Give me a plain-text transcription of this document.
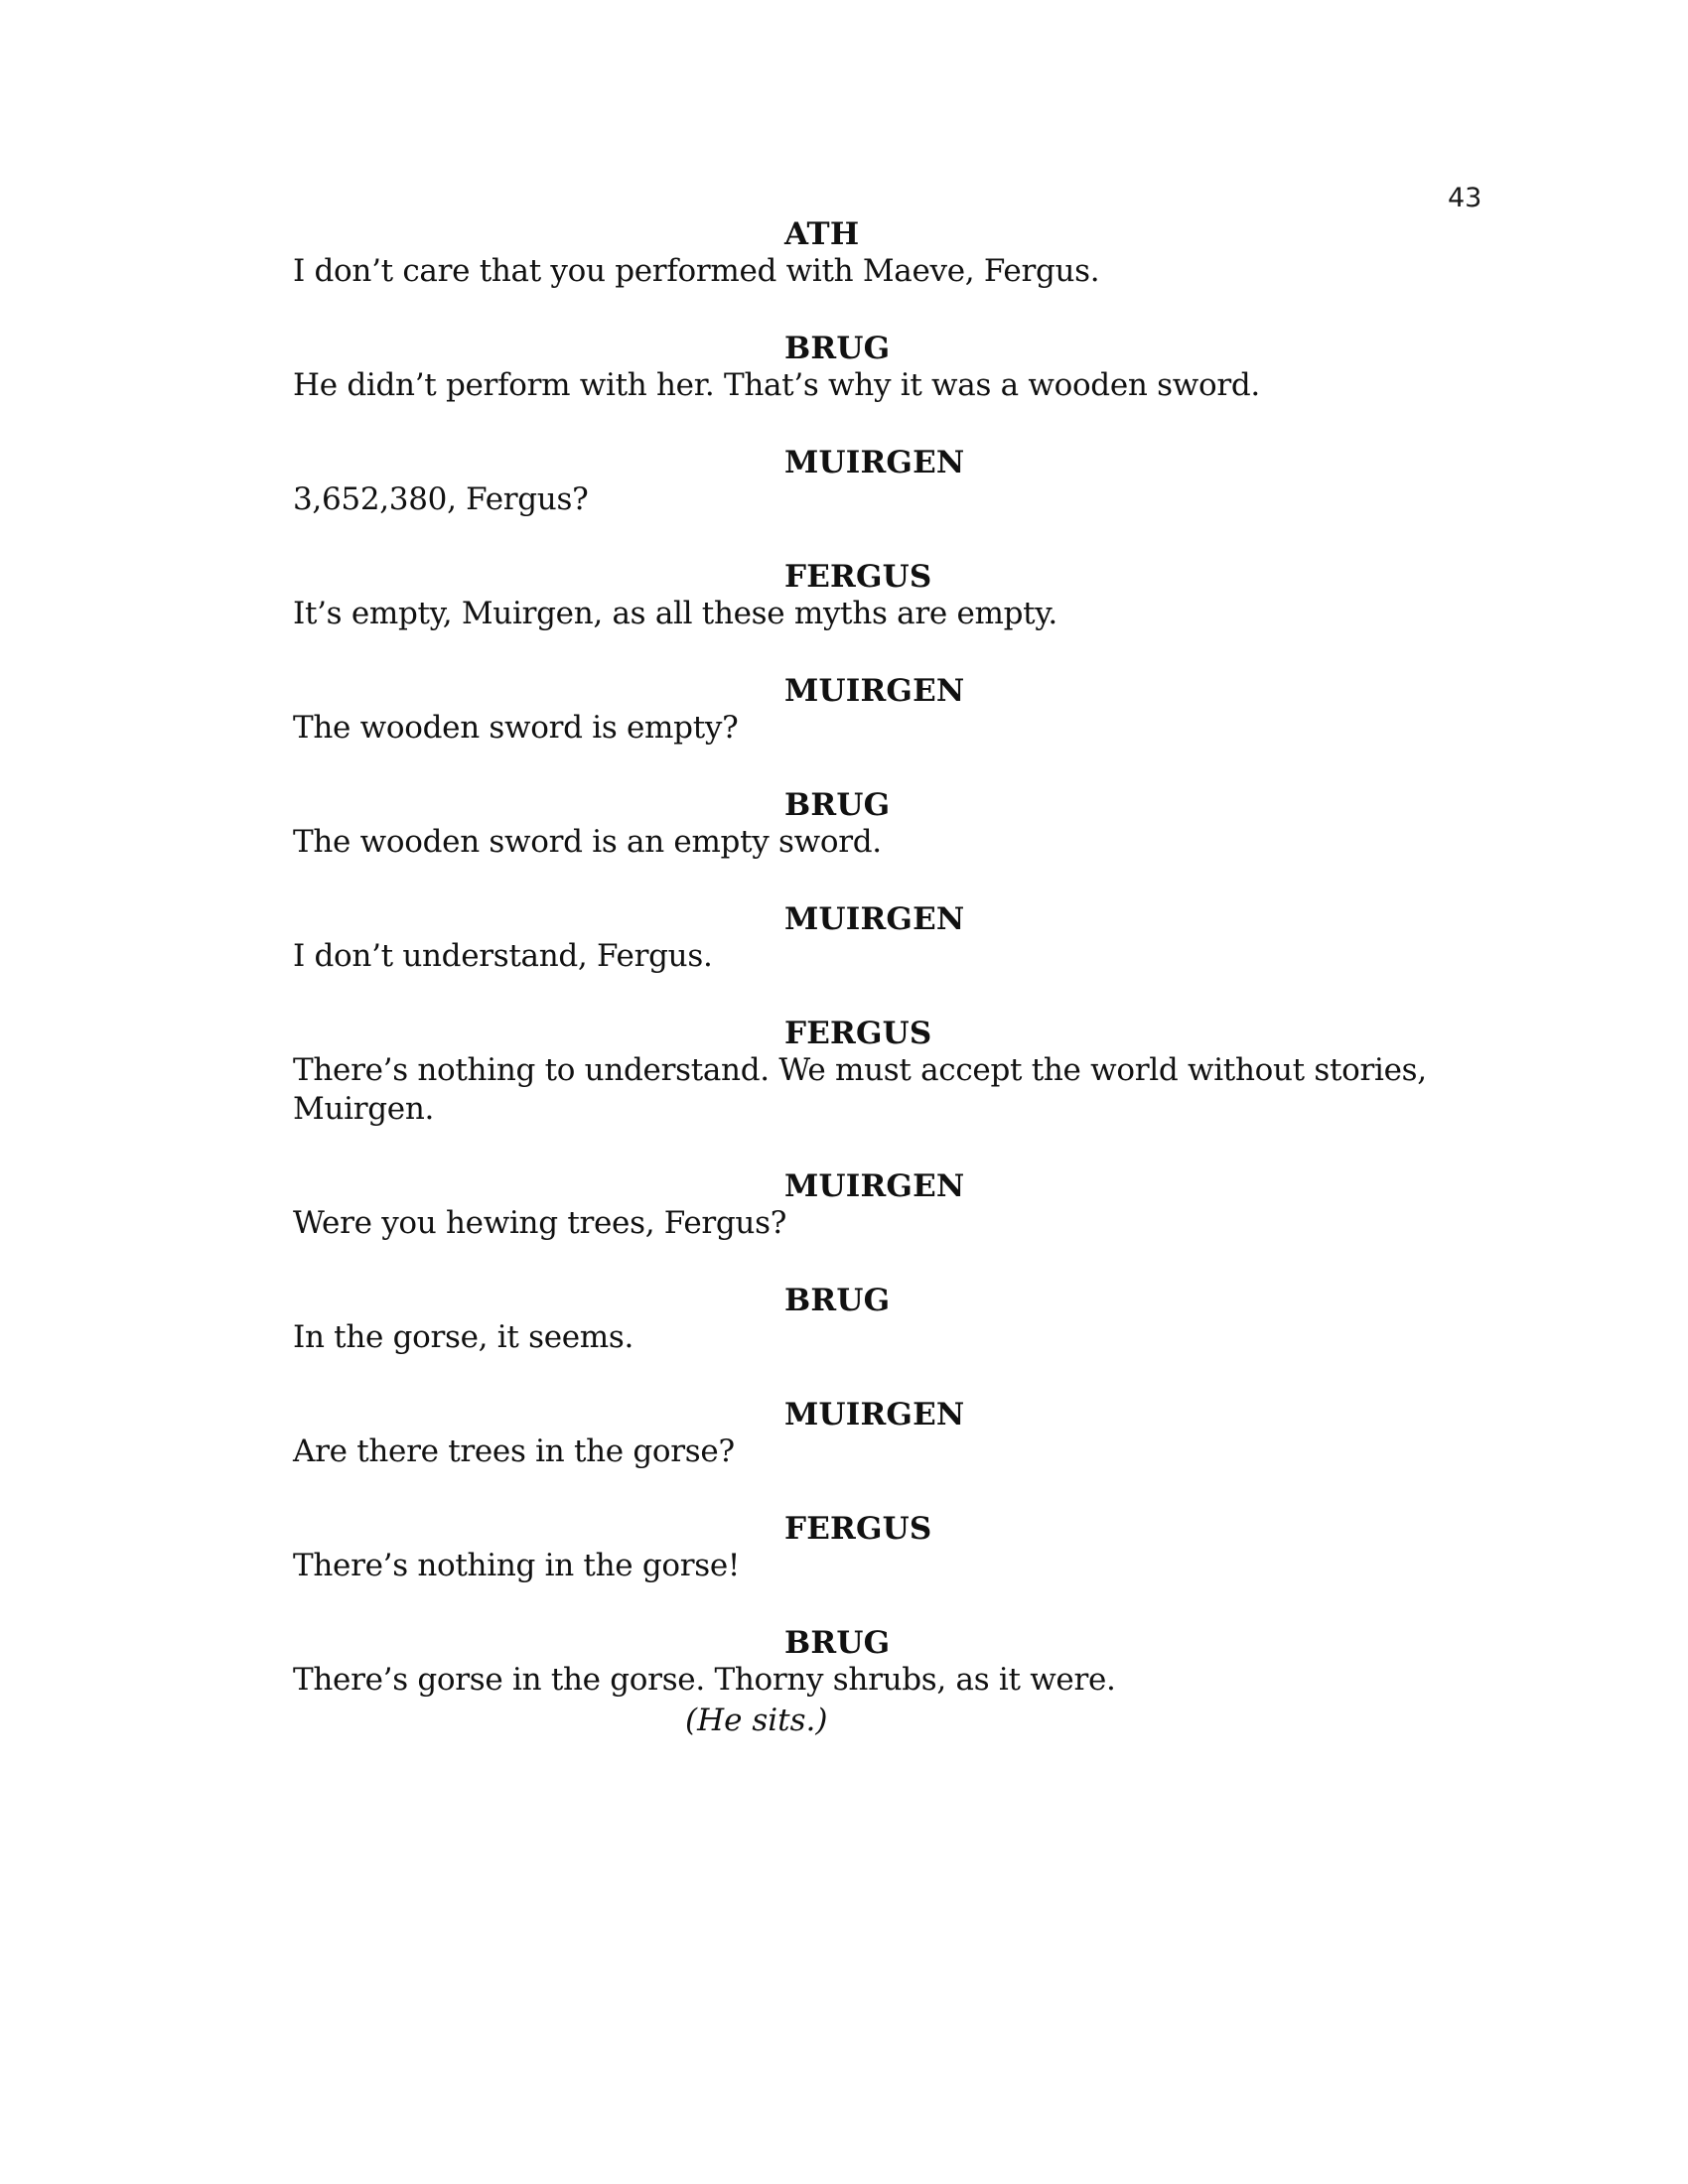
43
ATH
I don’t care that you performed with Maeve, Fergus.
BRUG
He didn’t perform with her. That’s why it was a wooden sword.
MUIRGEN
3,652,380, Fergus?
FERGUS
It’s empty, Muirgen, as all these myths are empty.
MUIRGEN
The wooden sword is empty?
BRUG
The wooden sword is an empty sword.
MUIRGEN
I don’t understand, Fergus.
FERGUS
There’s nothing to understand. We must accept the world without stories,
Muirgen.
MUIRGEN
Were you hewing trees, Fergus?
BRUG
In the gorse, it seems.
MUIRGEN
Are there trees in the gorse?
FERGUS
There’s nothing in the gorse!
BRUG
There’s gorse in the gorse. Thorny shrubs, as it were.
(He sits.)
